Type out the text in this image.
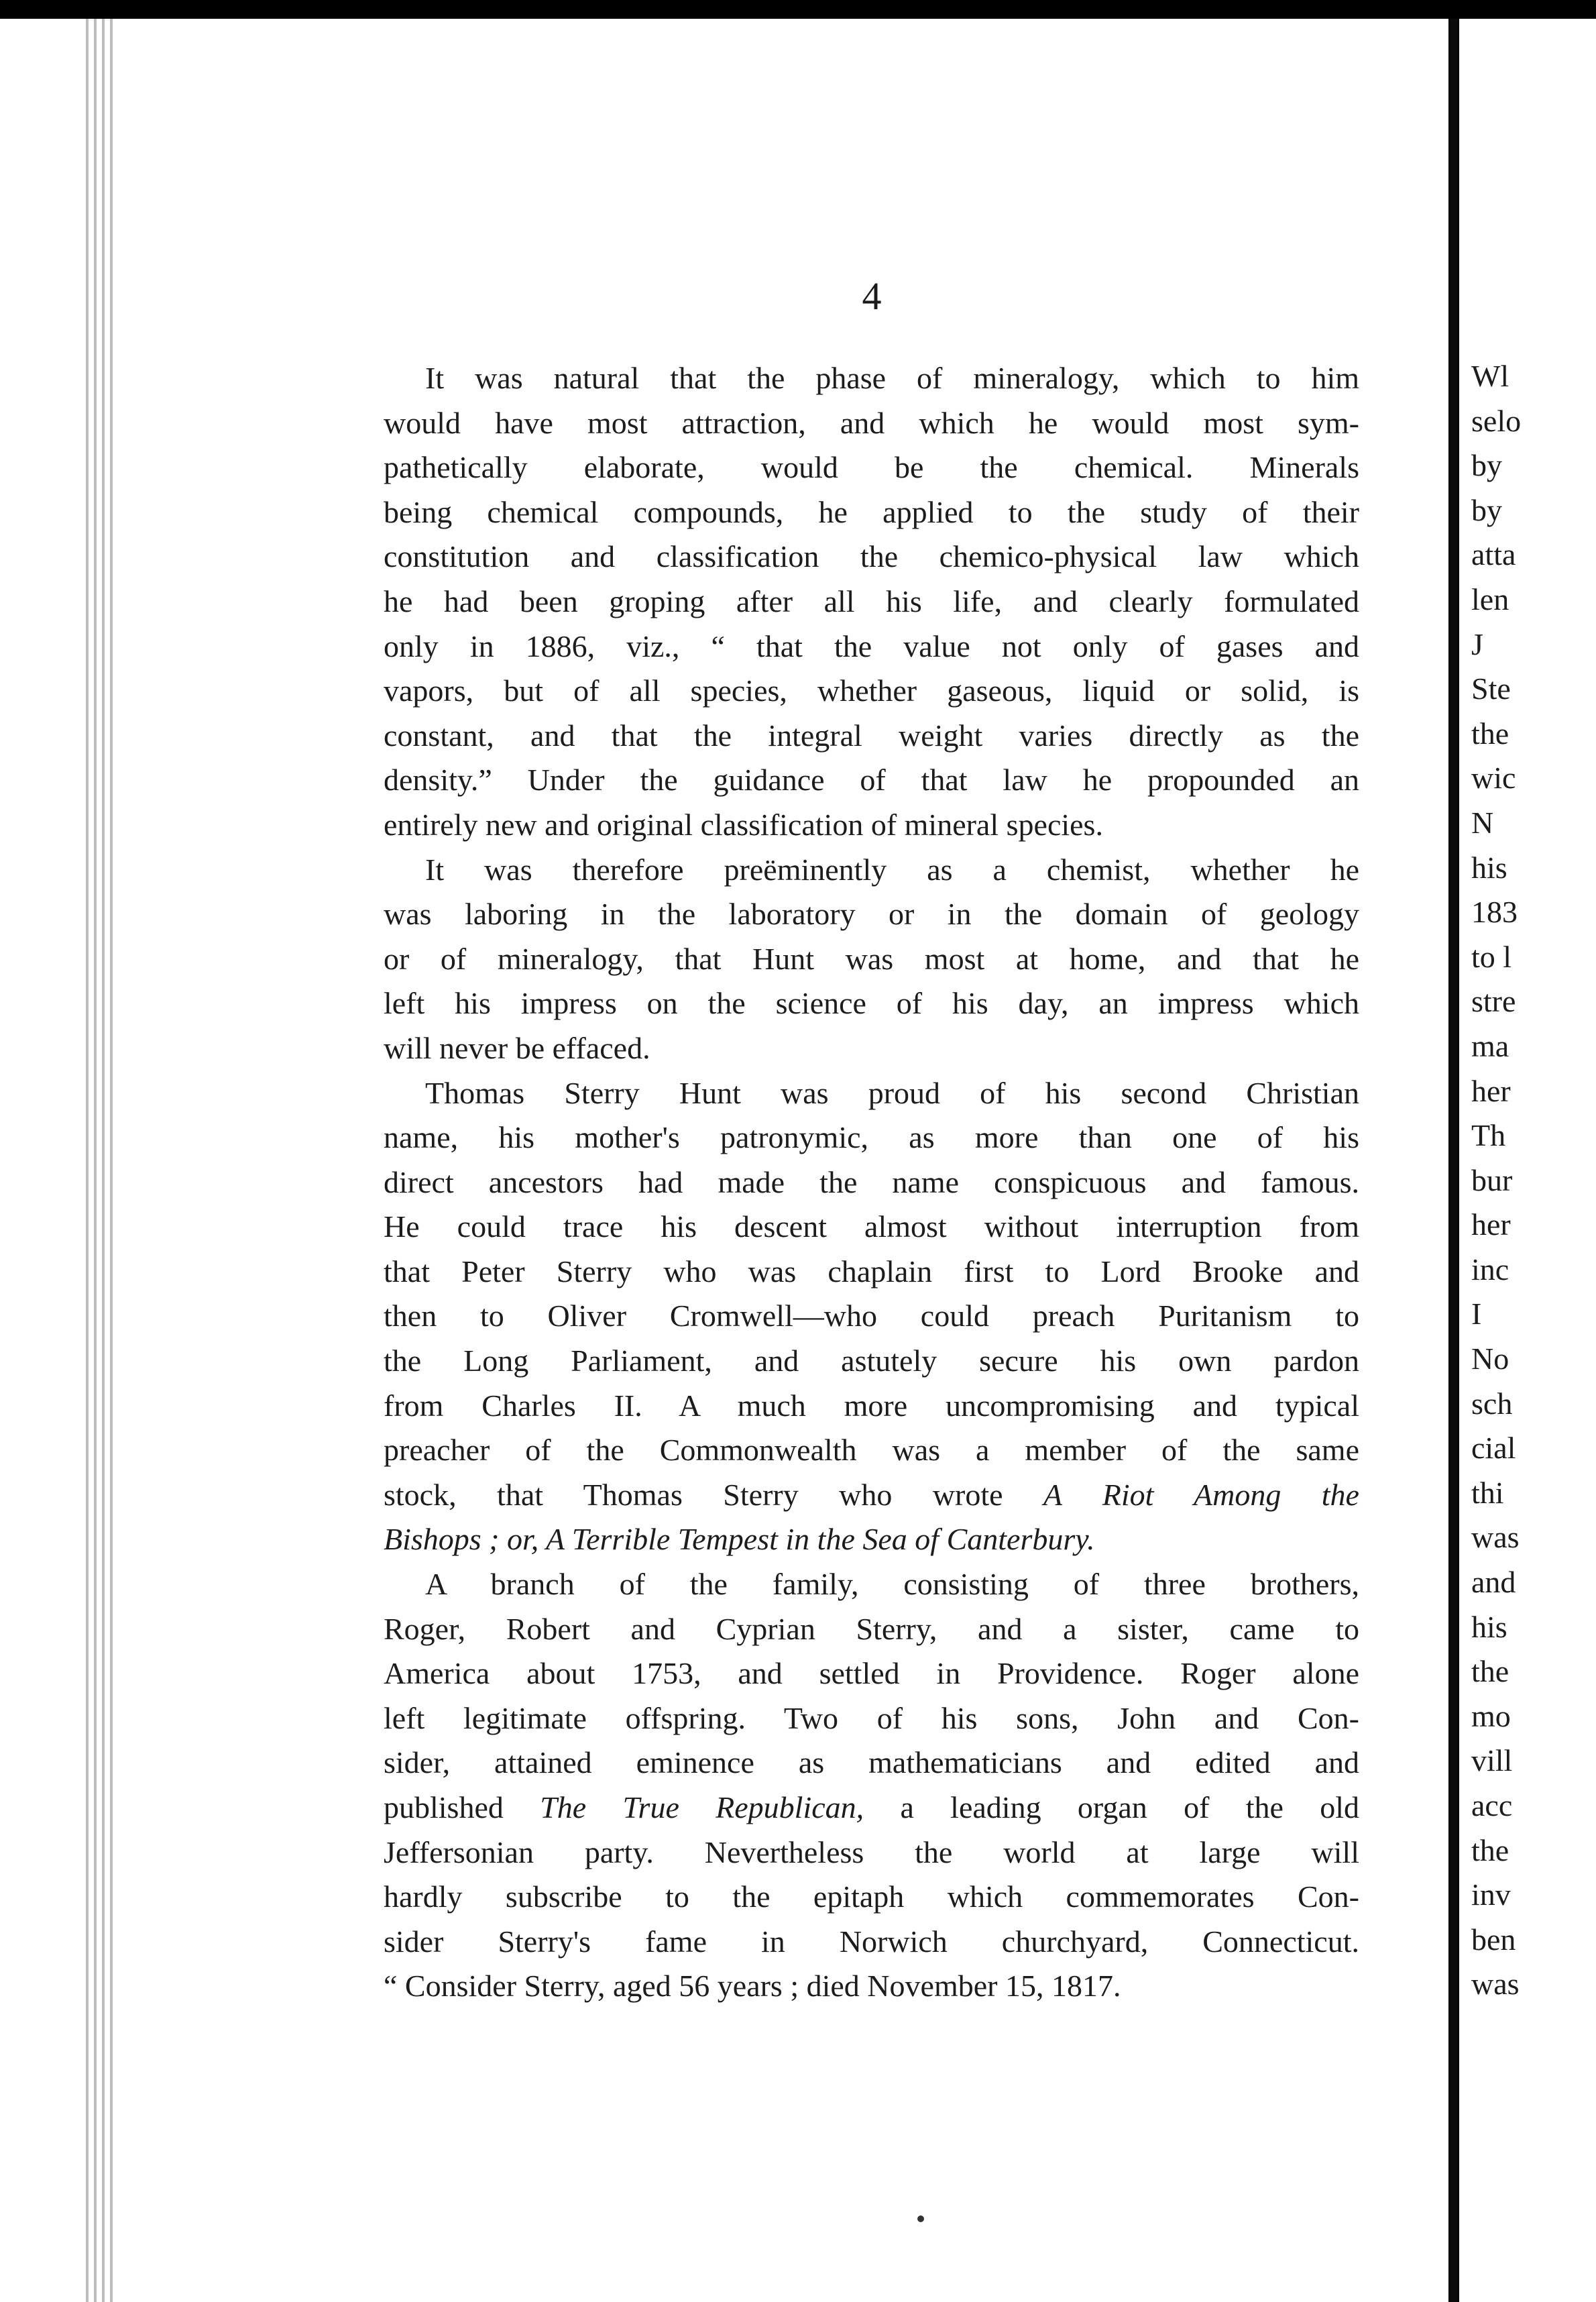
4
It was natural that the phase of mineralogy, which to him
would have most attraction, and which he would most sym-
pathetically elaborate, would be the chemical. Minerals
being chemical compounds, he applied to the study of their
constitution and classification the chemico-physical law which
he had been groping after all his life, and clearly formulated
only in 1886, viz., “ that the value not only of gases and
vapors, but of all species, whether gaseous, liquid or solid, is
constant, and that the integral weight varies directly as the
density.” Under the guidance of that law he propounded an
entirely new and original classification of mineral species.
It was therefore preëminently as a chemist, whether he
was laboring in the laboratory or in the domain of geology
or of mineralogy, that Hunt was most at home, and that he
left his impress on the science of his day, an impress which
will never be effaced.
Thomas Sterry Hunt was proud of his second Christian
name, his mother's patronymic, as more than one of his
direct ancestors had made the name conspicuous and famous.
He could trace his descent almost without interruption from
that Peter Sterry who was chaplain first to Lord Brooke and
then to Oliver Cromwell—who could preach Puritanism to
the Long Parliament, and astutely secure his own pardon
from Charles II. A much more uncompromising and typical
preacher of the Commonwealth was a member of the same
stock, that Thomas Sterry who wrote A Riot Among the
Bishops ; or, A Terrible Tempest in the Sea of Canterbury.
A branch of the family, consisting of three brothers,
Roger, Robert and Cyprian Sterry, and a sister, came to
America about 1753, and settled in Providence. Roger alone
left legitimate offspring. Two of his sons, John and Con-
sider, attained eminence as mathematicians and edited and
published The True Republican, a leading organ of the old
Jeffersonian party. Nevertheless the world at large will
hardly subscribe to the epitaph which commemorates Con-
sider Sterry's fame in Norwich churchyard, Connecticut.
“ Consider Sterry, aged 56 years ; died November 15, 1817.
Wl
selo
by
by
atta
len
J
Ste
the
wic
N
his
183
to l
stre
ma
her
Th
bur
her
inc
I
No
sch
cial
thi
was
and
his
the
mo
vill
acc
the
inv
ben
was
